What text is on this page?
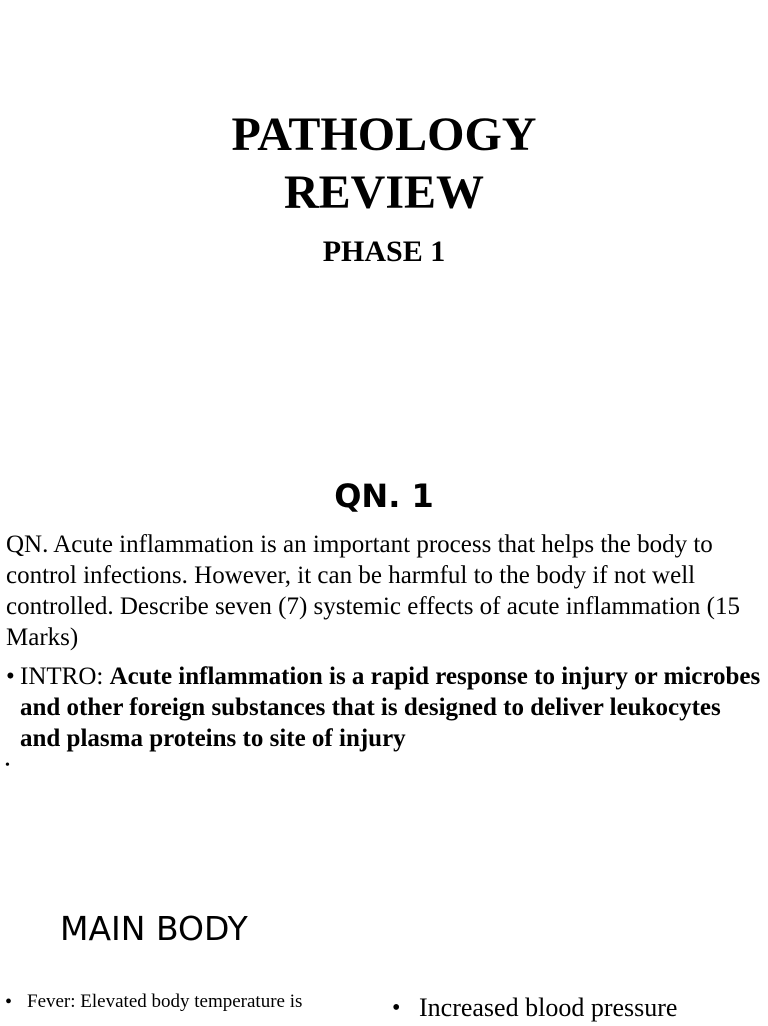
PATHOLOGY
REVIEW
PHASE 1
QN. 1

QN. Acute inflammation is an important process that helps the body to control infections. However, it can be harmful to the body if not well controlled. Describe seven (7) systemic effects of acute inflammation (15 Marks)

• INTRO: Acute inflammation is a rapid response to injury or microbes and other foreign substances that is designed to deliver leukocytes and plasma proteins to site of injury
•
MAIN BODY
• Fever: Elevated body temperature is	• Increased blood pressure
